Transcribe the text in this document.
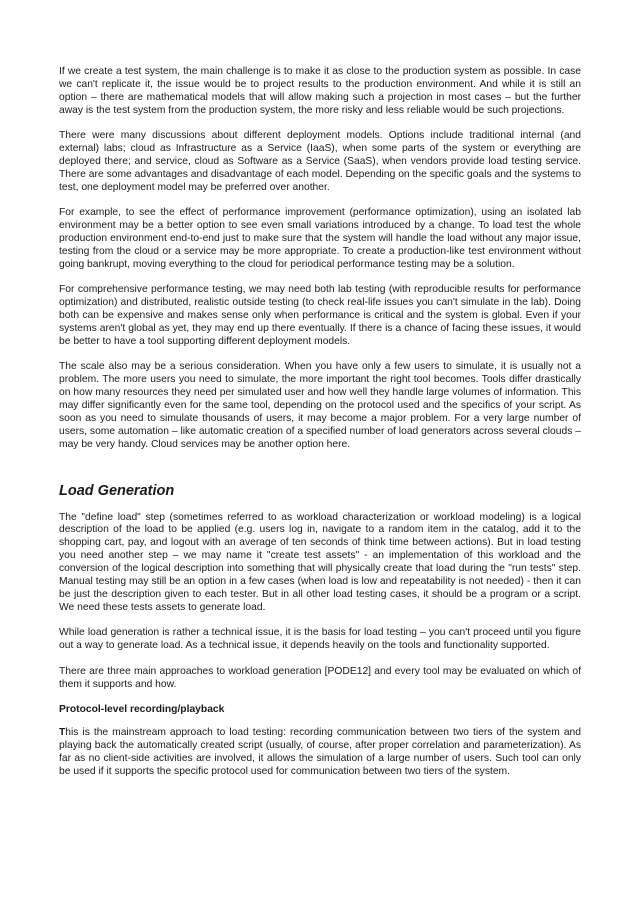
If we create a test system, the main challenge is to make it as close to the production system as possible. In case we can't replicate it, the issue would be to project results to the production environment. And while it is still an option – there are mathematical models that will allow making such a projection in most cases – but the further away is the test system from the production system, the more risky and less reliable would be such projections.

There were many discussions about different deployment models. Options include traditional internal (and external) labs; cloud as Infrastructure as a Service (IaaS), when some parts of the system or everything are deployed there; and service, cloud as Software as a Service (SaaS), when vendors provide load testing service. There are some advantages and disadvantage of each model. Depending on the specific goals and the systems to test, one deployment model may be preferred over another.

For example, to see the effect of performance improvement (performance optimization), using an isolated lab environment may be a better option to see even small variations introduced by a change. To load test the whole production environment end-to-end just to make sure that the system will handle the load without any major issue, testing from the cloud or a service may be more appropriate. To create a production-like test environment without going bankrupt, moving everything to the cloud for periodical performance testing may be a solution.

For comprehensive performance testing, we may need both lab testing (with reproducible results for performance optimization) and distributed, realistic outside testing (to check real-life issues you can't simulate in the lab). Doing both can be expensive and makes sense only when performance is critical and the system is global. Even if your systems aren't global as yet, they may end up there eventually. If there is a chance of facing these issues, it would be better to have a tool supporting different deployment models.

The scale also may be a serious consideration. When you have only a few users to simulate, it is usually not a problem. The more users you need to simulate, the more important the right tool becomes. Tools differ drastically on how many resources they need per simulated user and how well they handle large volumes of information. This may differ significantly even for the same tool, depending on the protocol used and the specifics of your script. As soon as you need to simulate thousands of users, it may become a major problem. For a very large number of users, some automation – like automatic creation of a specified number of load generators across several clouds – may be very handy. Cloud services may be another option here.

Load Generation

The "define load" step (sometimes referred to as workload characterization or workload modeling) is a logical description of the load to be applied (e.g. users log in, navigate to a random item in the catalog, add it to the shopping cart, pay, and logout with an average of ten seconds of think time between actions). But in load testing you need another step – we may name it "create test assets" - an implementation of this workload and the conversion of the logical description into something that will physically create that load during the "run tests" step. Manual testing may still be an option in a few cases (when load is low and repeatability is not needed) - then it can be just the description given to each tester. But in all other load testing cases, it should be a program or a script. We need these tests assets to generate load.

While load generation is rather a technical issue, it is the basis for load testing – you can't proceed until you figure out a way to generate load. As a technical issue, it depends heavily on the tools and functionality supported.

There are three main approaches to workload generation [PODE12] and every tool may be evaluated on which of them it supports and how.

Protocol-level recording/playback

This is the mainstream approach to load testing: recording communication between two tiers of the system and playing back the automatically created script (usually, of course, after proper correlation and parameterization). As far as no client-side activities are involved, it allows the simulation of a large number of users. Such tool can only be used if it supports the specific protocol used for communication between two tiers of the system.
